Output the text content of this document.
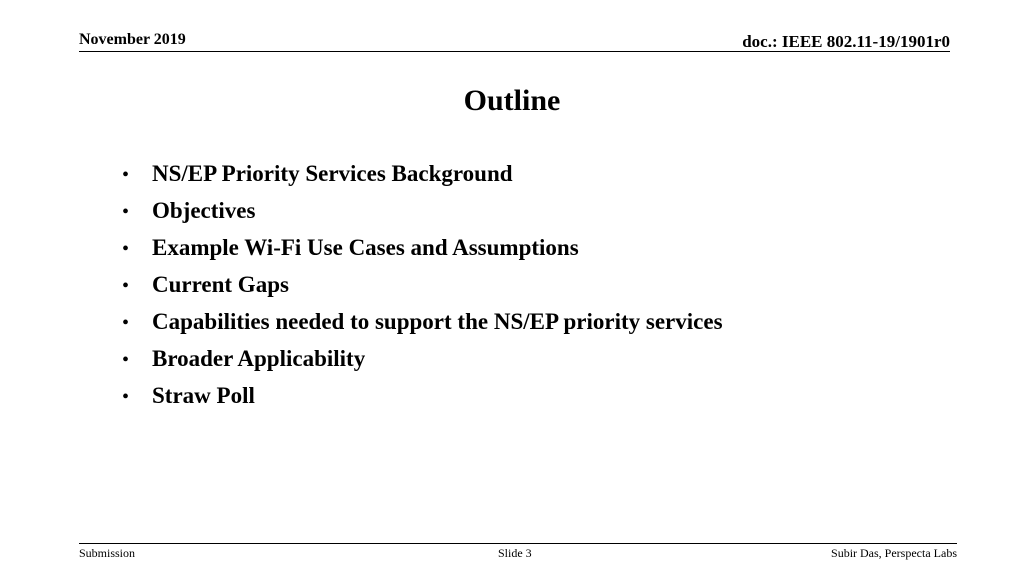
November 2019	doc.: IEEE 802.11-19/1901r0
Outline
• NS/EP Priority Services Background
• Objectives
• Example Wi-Fi Use Cases and Assumptions
• Current Gaps
• Capabilities needed to support the NS/EP priority services
• Broader Applicability
• Straw Poll
Submission	Slide 3	Subir Das, Perspecta Labs
